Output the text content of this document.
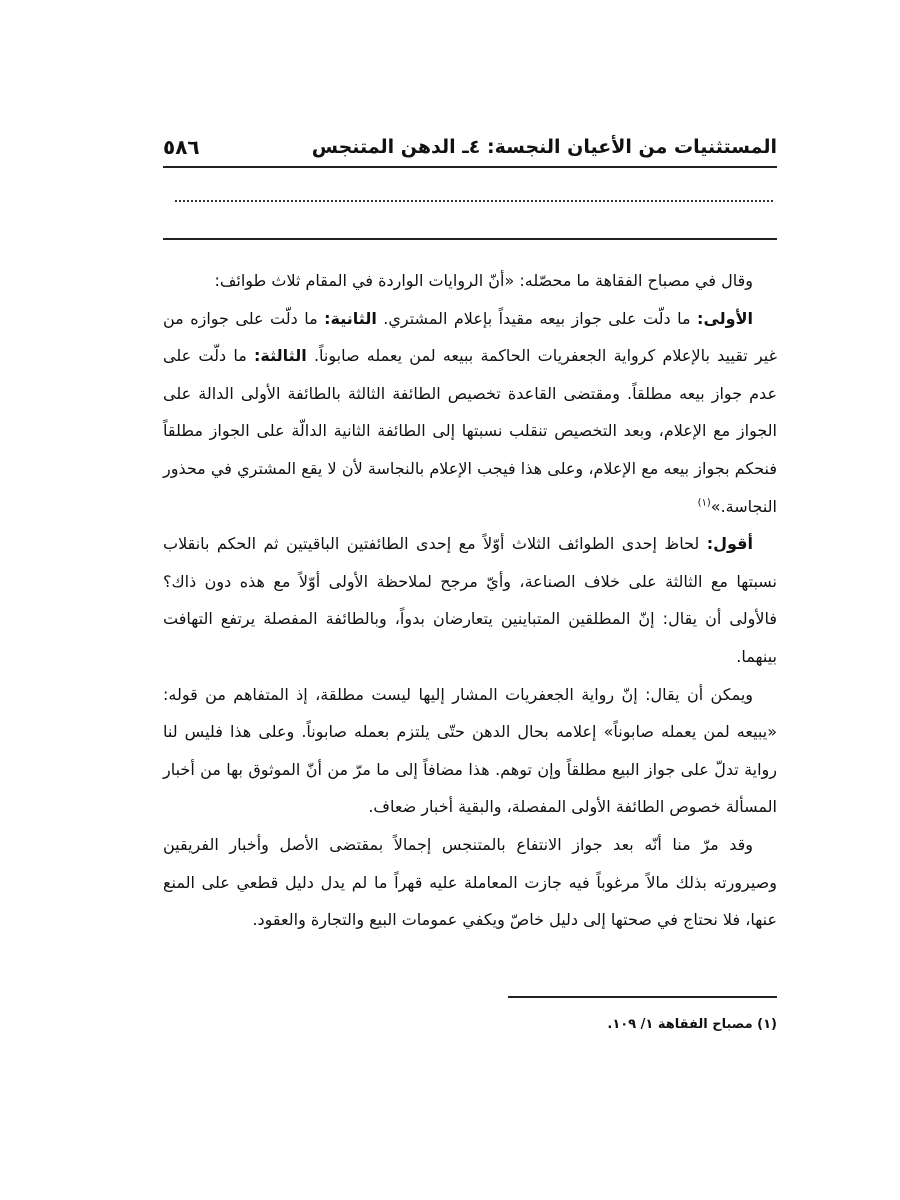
المستثنيات من الأعيان النجسة: ٤ـ الدهن المتنجس
٥٨٦

وقال في مصباح الفقاهة ما محصّله: «أنّ الروايات الواردة في المقام ثلاث طوائف:

الأولى: ما دلّت على جواز بيعه مقيداً بإعلام المشتري. الثانية: ما دلّت على جوازه من غير تقييد بالإعلام كرواية الجعفريات الحاكمة ببيعه لمن يعمله صابوناً. الثالثة: ما دلّت على عدم جواز بيعه مطلقاً. ومقتضى القاعدة تخصيص الطائفة الثالثة بالطائفة الأولى الدالة على الجواز مع الإعلام، وبعد التخصيص تنقلب نسبتها إلى الطائفة الثانية الدالّة على الجواز مطلقاً فنحكم بجواز بيعه مع الإعلام، وعلى هذا فيجب الإعلام بالنجاسة لأن لا يقع المشتري في محذور النجاسة.»$^{(١)}$

أقول: لحاظ إحدى الطوائف الثلاث أوّلاً مع إحدى الطائفتين الباقيتين ثم الحكم بانقلاب نسبتها مع الثالثة على خلاف الصناعة، وأيّ مرجح لملاحظة الأولى أوّلاً مع هذه دون ذاك؟ فالأولى أن يقال: إنّ المطلقين المتباينين يتعارضان بدواً، وبالطائفة المفصلة يرتفع التهافت بينهما.

ويمكن أن يقال: إنّ رواية الجعفريات المشار إليها ليست مطلقة، إذ المتفاهم من قوله: «يبيعه لمن يعمله صابوناً» إعلامه بحال الدهن حتّى يلتزم بعمله صابوناً. وعلى هذا فليس لنا رواية تدلّ على جواز البيع مطلقاً وإن توهم. هذا مضافاً إلى ما مرّ من أنّ الموثوق بها من أخبار المسألة خصوص الطائفة الأولى المفصلة، والبقية أخبار ضعاف.

وقد مرّ منا أنّه بعد جواز الانتفاع بالمتنجس إجمالاً بمقتضى الأصل وأخبار الفريقين وصيرورته بذلك مالاً مرغوباً فيه جازت المعاملة عليه قهراً ما لم يدل دليل قطعي على المنع عنها، فلا نحتاج في صحتها إلى دليل خاصّ ويكفي عمومات البيع والتجارة والعقود.

(١) مصباح الفقاهة ١/ ١٠٩.
